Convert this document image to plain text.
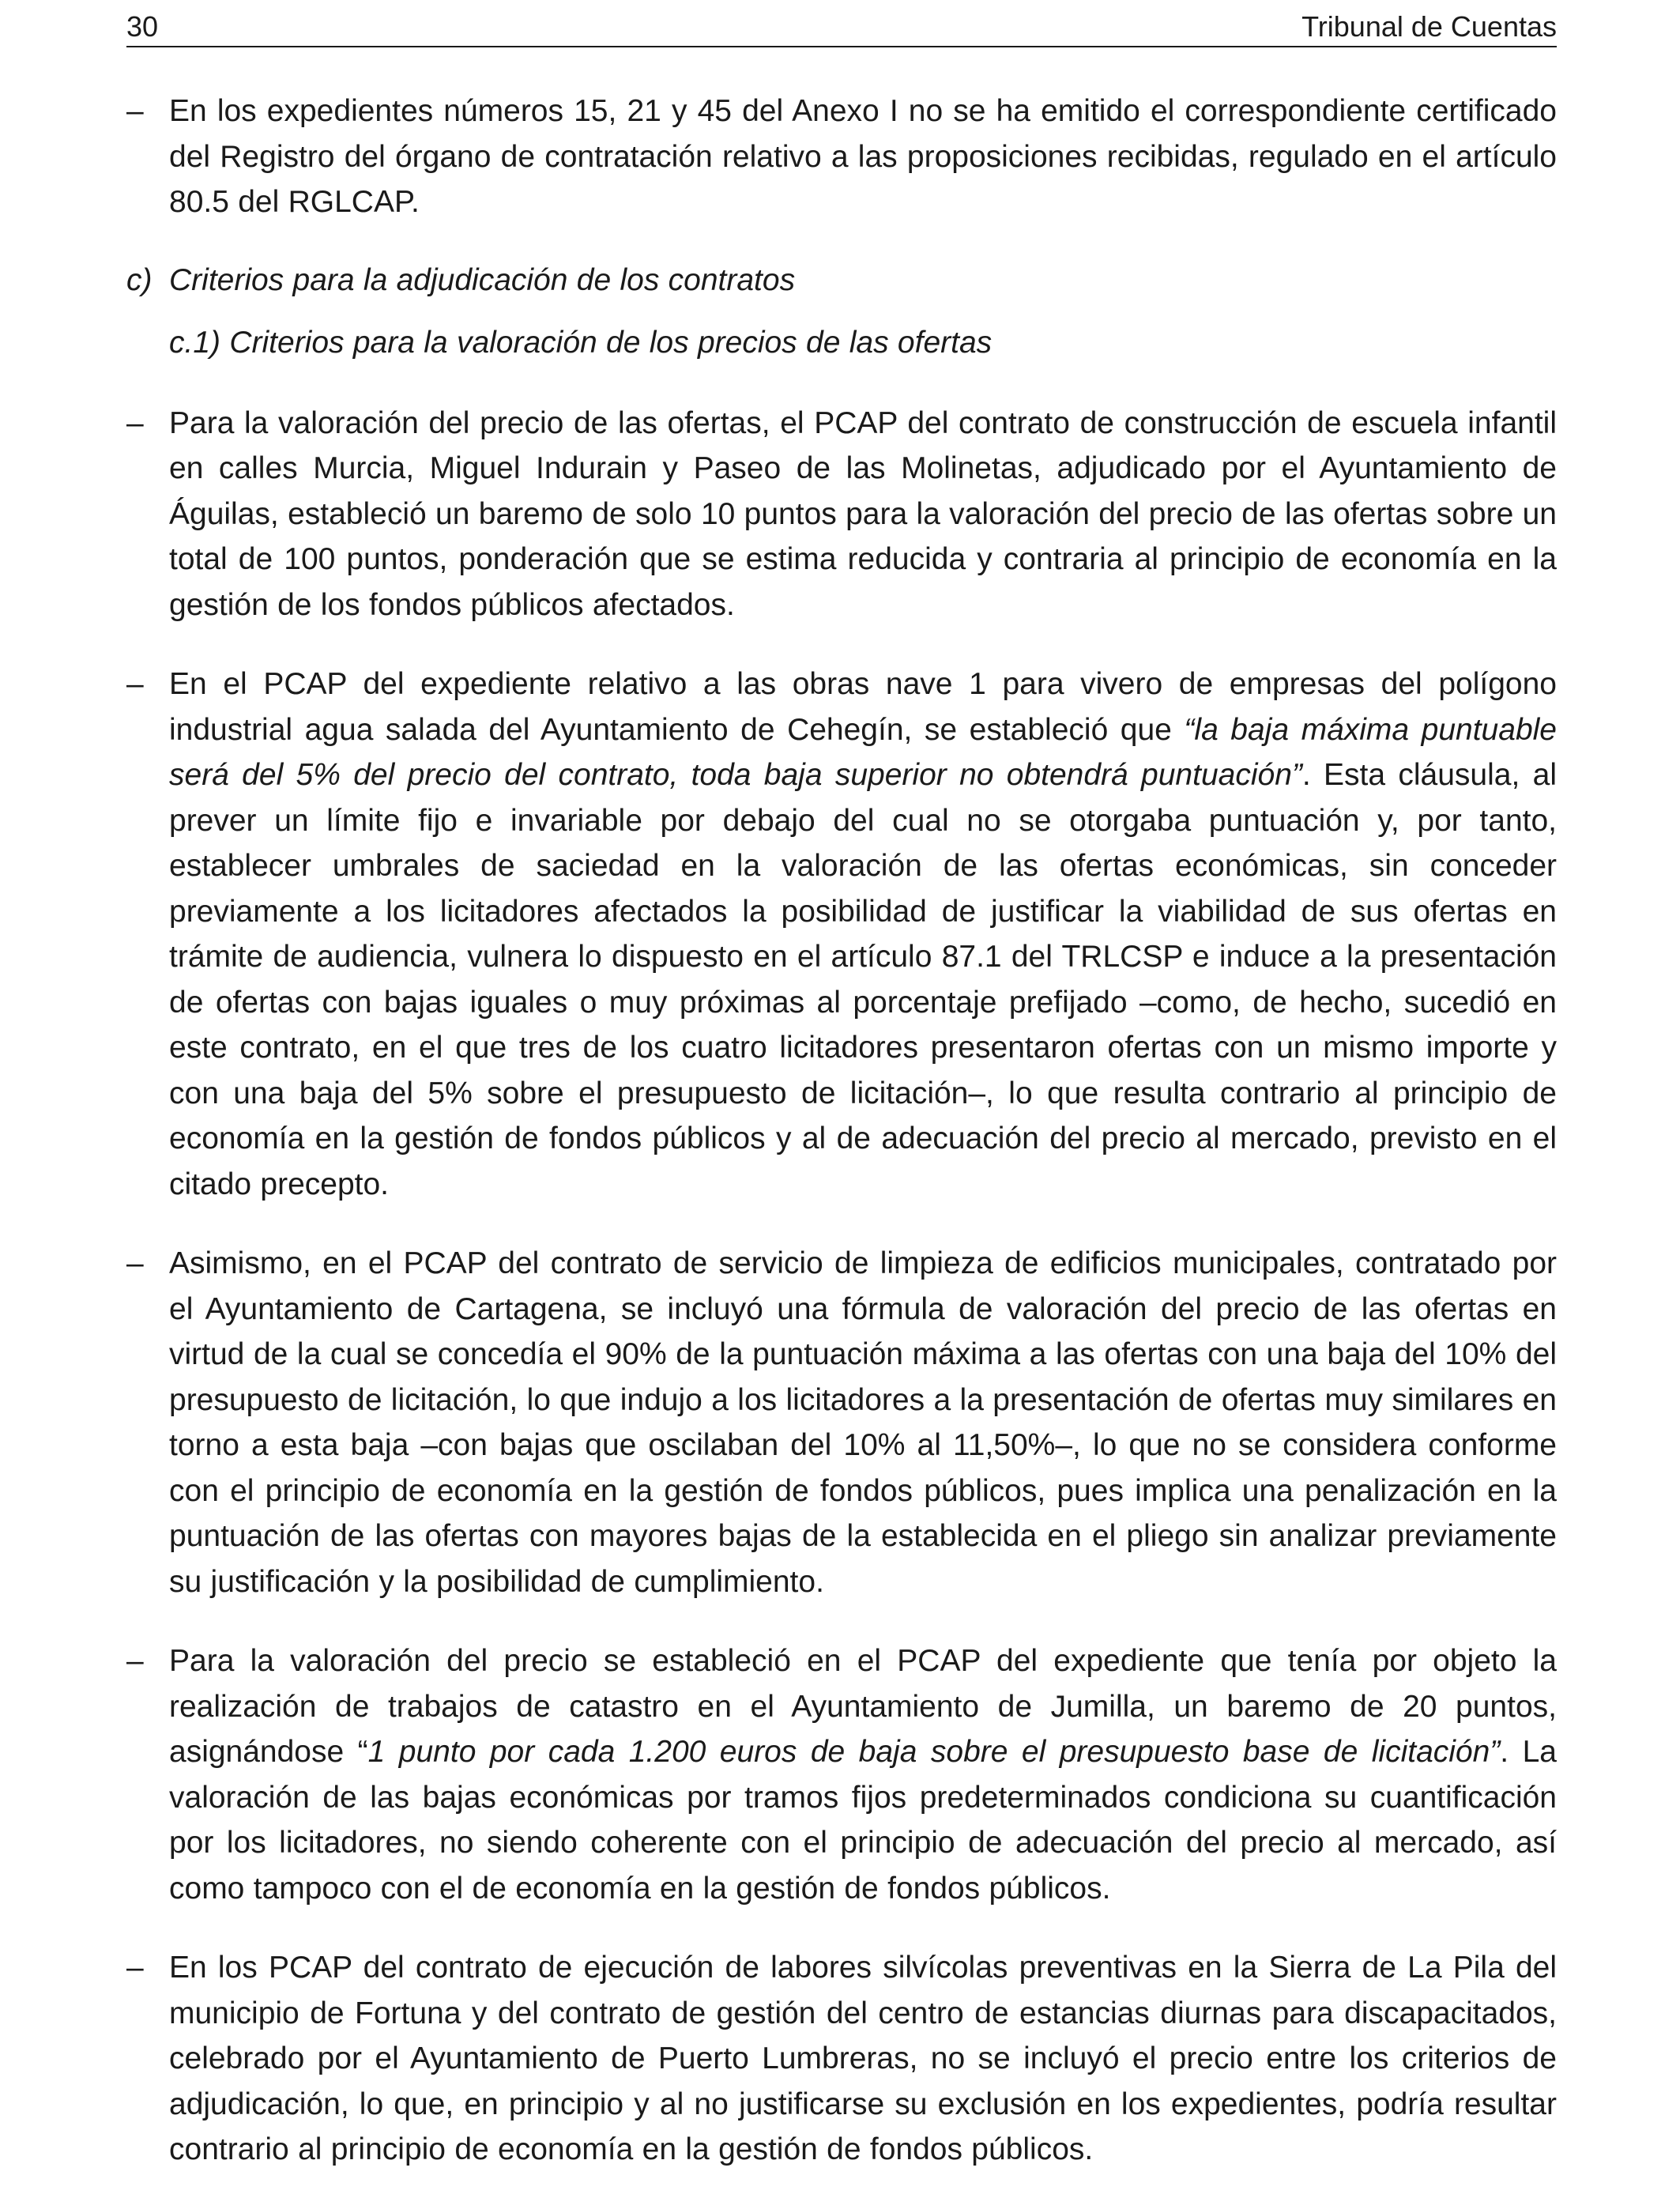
30	Tribunal de Cuentas

– En los expedientes números 15, 21 y 45 del Anexo I no se ha emitido el correspondiente certificado del Registro del órgano de contratación relativo a las proposiciones recibidas, regulado en el artículo 80.5 del RGLCAP.

c) Criterios para la adjudicación de los contratos

c.1) Criterios para la valoración de los precios de las ofertas

– Para la valoración del precio de las ofertas, el PCAP del contrato de construcción de escuela infantil en calles Murcia, Miguel Indurain y Paseo de las Molinetas, adjudicado por el Ayuntamiento de Águilas, estableció un baremo de solo 10 puntos para la valoración del precio de las ofertas sobre un total de 100 puntos, ponderación que se estima reducida y contraria al principio de economía en la gestión de los fondos públicos afectados.

– En el PCAP del expediente relativo a las obras nave 1 para vivero de empresas del polígono industrial agua salada del Ayuntamiento de Cehegín, se estableció que “la baja máxima puntuable será del 5% del precio del contrato, toda baja superior no obtendrá puntuación”. Esta cláusula, al prever un límite fijo e invariable por debajo del cual no se otorgaba puntuación y, por tanto, establecer umbrales de saciedad en la valoración de las ofertas económicas, sin conceder previamente a los licitadores afectados la posibilidad de justificar la viabilidad de sus ofertas en trámite de audiencia, vulnera lo dispuesto en el artículo 87.1 del TRLCSP e induce a la presentación de ofertas con bajas iguales o muy próximas al porcentaje prefijado –como, de hecho, sucedió en este contrato, en el que tres de los cuatro licitadores presentaron ofertas con un mismo importe y con una baja del 5% sobre el presupuesto de licitación–, lo que resulta contrario al principio de economía en la gestión de fondos públicos y al de adecuación del precio al mercado, previsto en el citado precepto.

– Asimismo, en el PCAP del contrato de servicio de limpieza de edificios municipales, contratado por el Ayuntamiento de Cartagena, se incluyó una fórmula de valoración del precio de las ofertas en virtud de la cual se concedía el 90% de la puntuación máxima a las ofertas con una baja del 10% del presupuesto de licitación, lo que indujo a los licitadores a la presentación de ofertas muy similares en torno a esta baja –con bajas que oscilaban del 10% al 11,50%–, lo que no se considera conforme con el principio de economía en la gestión de fondos públicos, pues implica una penalización en la puntuación de las ofertas con mayores bajas de la establecida en el pliego sin analizar previamente su justificación y la posibilidad de cumplimiento.

– Para la valoración del precio se estableció en el PCAP del expediente que tenía por objeto la realización de trabajos de catastro en el Ayuntamiento de Jumilla, un baremo de 20 puntos, asignándose “1 punto por cada 1.200 euros de baja sobre el presupuesto base de licitación”. La valoración de las bajas económicas por tramos fijos predeterminados condiciona su cuantificación por los licitadores, no siendo coherente con el principio de adecuación del precio al mercado, así como tampoco con el de economía en la gestión de fondos públicos.

– En los PCAP del contrato de ejecución de labores silvícolas preventivas en la Sierra de La Pila del municipio de Fortuna y del contrato de gestión del centro de estancias diurnas para discapacitados, celebrado por el Ayuntamiento de Puerto Lumbreras, no se incluyó el precio entre los criterios de adjudicación, lo que, en principio y al no justificarse su exclusión en los expedientes, podría resultar contrario al principio de economía en la gestión de fondos públicos.
